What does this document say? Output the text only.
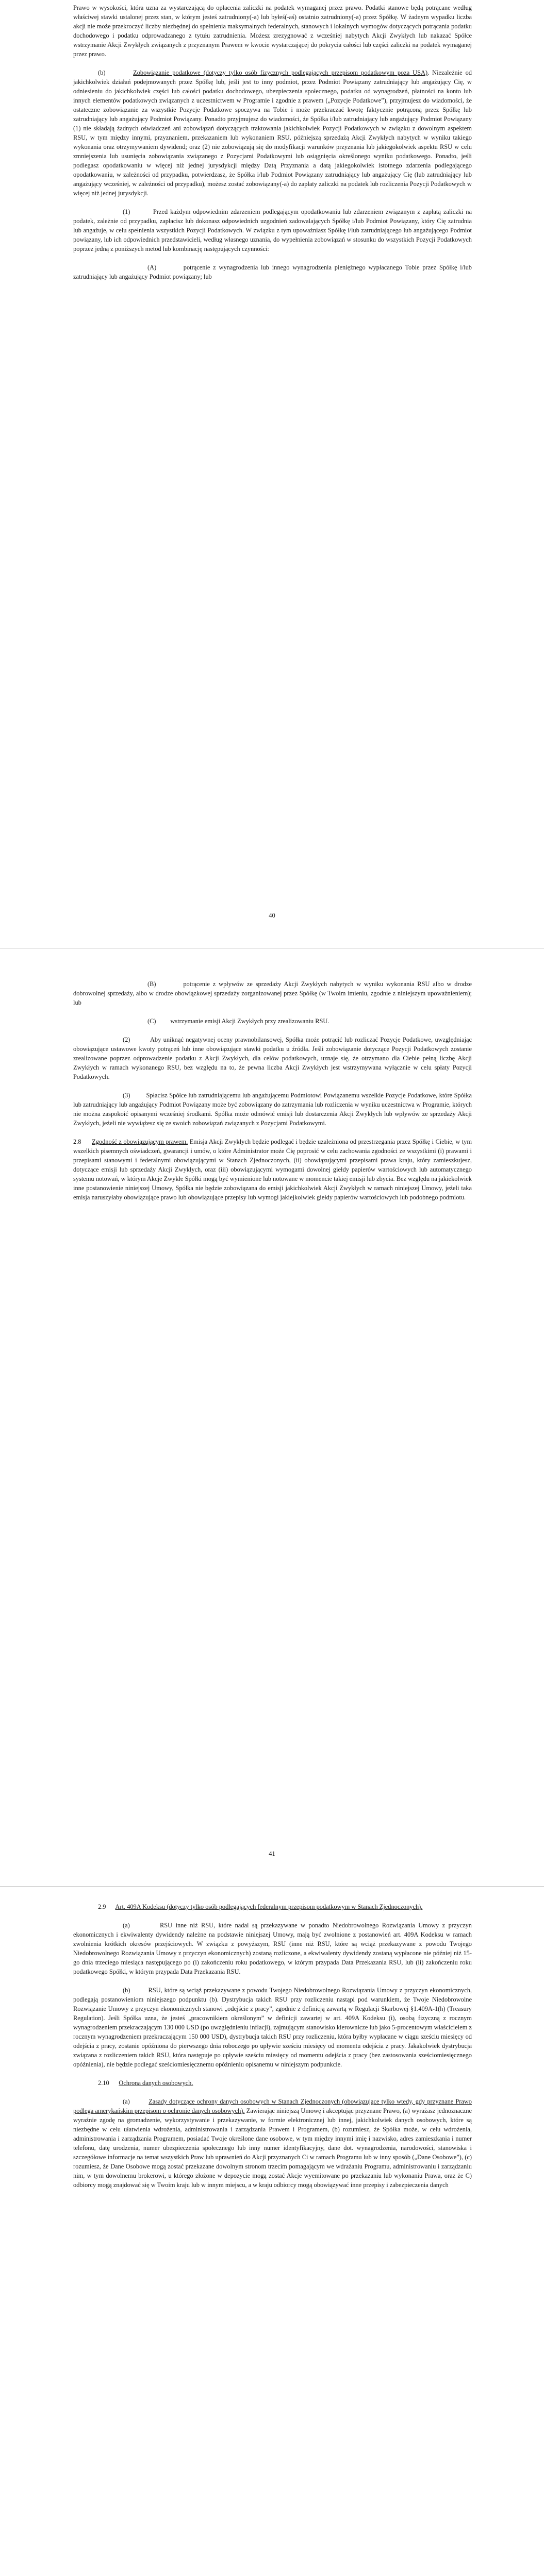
Prawo w wysokości, która uzna za wystarczającą do opłacenia zaliczki na podatek wymaganej przez prawo. Podatki stanowe będą potrącane według właściwej stawki ustalonej przez stan, w którym jesteś zatrudniony(-a) lub byłeś(-aś) ostatnio zatrudniony(-a) przez Spółkę. W żadnym wypadku liczba akcji nie może przekroczyć liczby niezbędnej do spełnienia maksymalnych federalnych, stanowych i lokalnych wymogów dotyczących potrącania podatku dochodowego i podatku odprowadzanego z tytułu zatrudnienia. Możesz zrezygnować z wcześniej nabytych Akcji Zwykłych lub nakazać Spółce wstrzymanie Akcji Zwykłych związanych z przyznanym Prawem w kwocie wystarczającej do pokrycia całości lub części zaliczki na podatek wymaganej przez prawo.

(b)	Zobowiązanie podatkowe (dotyczy tylko osób fizycznych podlegających przepisom podatkowym poza USA). Niezależnie od jakichkolwiek działań podejmowanych przez Spółkę lub, jeśli jest to inny podmiot, przez Podmiot Powiązany zatrudniający lub angażujący Cię, w odniesieniu do jakichkolwiek części lub całości podatku dochodowego, ubezpieczenia społecznego, podatku od wynagrodzeń, płatności na konto lub innych elementów podatkowych związanych z uczestnictwem w Programie i zgodnie z prawem („Pozycje Podatkowe”), przyjmujesz do wiadomości, że ostateczne zobowiązanie za wszystkie Pozycje Podatkowe spoczywa na Tobie i może przekraczać kwotę faktycznie potrąconą przez Spółkę lub zatrudniający lub angażujący Podmiot Powiązany. Ponadto przyjmujesz do wiadomości, że Spółka i/lub zatrudniający lub angażujący Podmiot Powiązany (1) nie składają żadnych oświadczeń ani zobowiązań dotyczących traktowania jakichkolwiek Pozycji Podatkowych w związku z dowolnym aspektem RSU, w tym między innymi, przyznaniem, przekazaniem lub wykonaniem RSU, późniejszą sprzedażą Akcji Zwykłych nabytych w wyniku takiego wykonania oraz otrzymywaniem dywidend; oraz (2) nie zobowiązują się do modyfikacji warunków przyznania lub jakiegokolwiek aspektu RSU w celu zmniejszenia lub usunięcia zobowiązania związanego z Pozycjami Podatkowymi lub osiągnięcia określonego wyniku podatkowego. Ponadto, jeśli podlegasz opodatkowaniu w więcej niż jednej jurysdykcji między Datą Przyznania a datą jakiegokolwiek istotnego zdarzenia podlegającego opodatkowaniu, w zależności od przypadku, potwierdzasz, że Spółka i/lub Podmiot Powiązany zatrudniający lub angażujący Cię (lub zatrudniający lub angażujący wcześniej, w zależności od przypadku), możesz zostać zobowiązany(-a) do zapłaty zaliczki na podatek lub rozliczenia Pozycji Podatkowych w więcej niż jednej jurysdykcji.

(1)	Przed każdym odpowiednim zdarzeniem podlegającym opodatkowaniu lub zdarzeniem związanym z zapłatą zaliczki na podatek, zależnie od przypadku, zapłacisz lub dokonasz odpowiednich uzgodnień zadowalających Spółkę i/lub Podmiot Powiązany, który Cię zatrudnia lub angażuje, w celu spełnienia wszystkich Pozycji Podatkowych. W związku z tym upoważniasz Spółkę i/lub zatrudniającego lub angażującego Podmiot powiązany, lub ich odpowiednich przedstawicieli, według własnego uznania, do wypełnienia zobowiązań w stosunku do wszystkich Pozycji Podatkowych poprzez jedną z poniższych metod lub kombinację następujących czynności:

(A)	potrącenie z wynagrodzenia lub innego wynagrodzenia pieniężnego wypłacanego Tobie przez Spółkę i/lub zatrudniający lub angażujący Podmiot powiązany; lub

40

(B)	potrącenie z wpływów ze sprzedaży Akcji Zwykłych nabytych w wyniku wykonania RSU albo w drodze dobrowolnej sprzedaży, albo w drodze obowiązkowej sprzedaży zorganizowanej przez Spółkę (w Twoim imieniu, zgodnie z niniejszym upoważnieniem); lub

(C) wstrzymanie emisji Akcji Zwykłych przy zrealizowaniu RSU.

(2)	Aby uniknąć negatywnej oceny prawnobilansowej, Spółka może potrącić lub rozliczać Pozycje Podatkowe, uwzględniając obowiązujące ustawowe kwoty potrąceń lub inne obowiązujące stawki podatku u źródła. Jeśli zobowiązanie dotyczące Pozycji Podatkowych zostanie zrealizowane poprzez odprowadzenie podatku z Akcji Zwykłych, dla celów podatkowych, uznaje się, że otrzymano dla Ciebie pełną liczbę Akcji Zwykłych w ramach wykonanego RSU, bez względu na to, że pewna liczba Akcji Zwykłych jest wstrzymywana wyłącznie w celu spłaty Pozycji Podatkowych.

(3)	Spłacisz Spółce lub zatrudniającemu lub angażującemu Podmiotowi Powiązanemu wszelkie Pozycje Podatkowe, które Spółka lub zatrudniający lub angażujący Podmiot Powiązany może być zobowiązany do zatrzymania lub rozliczenia w wyniku uczestnictwa w Programie, których nie można zaspokoić opisanymi wcześniej środkami. Spółka może odmówić emisji lub dostarczenia Akcji Zwykłych lub wpływów ze sprzedaży Akcji Zwykłych, jeżeli nie wywiążesz się ze swoich zobowiązań związanych z Pozycjami Podatkowymi.

2.8 Zgodność z obowiązującym prawem. Emisja Akcji Zwykłych będzie podlegać i będzie uzależniona od przestrzegania przez Spółkę i Ciebie, w tym wszelkich pisemnych oświadczeń, gwarancji i umów, o które Administrator może Cię poprosić w celu zachowania zgodności ze wszystkimi (i) prawami i przepisami stanowymi i federalnymi obowiązującymi w Stanach Zjednoczonych, (ii) obowiązującymi przepisami prawa kraju, który zamieszkujesz, dotyczące emisji lub sprzedaży Akcji Zwykłych, oraz (iii) obowiązującymi wymogami dowolnej giełdy papierów wartościowych lub automatycznego systemu notowań, w którym Akcje Zwykłe Spółki mogą być wymienione lub notowane w momencie takiej emisji lub zbycia. Bez względu na jakiekolwiek inne postanowienie niniejszej Umowy, Spółka nie będzie zobowiązana do emisji jakichkolwiek Akcji Zwykłych w ramach niniejszej Umowy, jeżeli taka emisja naruszyłaby obowiązujące prawo lub obowiązujące przepisy lub wymogi jakiejkolwiek giełdy papierów wartościowych lub podobnego podmiotu.

41

2.9 Art. 409A Kodeksu (dotyczy tylko osób podlegających federalnym przepisom podatkowym w Stanach Zjednoczonych).

(a)	RSU inne niż RSU, które nadal są przekazywane w ponadto Niedobrowolnego Rozwiązania Umowy z przyczyn ekonomicznych i ekwiwalenty dywidendy należne na podstawie niniejszej Umowy, mają być zwolnione z postanowień art. 409A Kodeksu w ramach zwolnienia krótkich okresów przejściowych. W związku z powyższym, RSU (inne niż RSU, które są wciąż przekazywane z powodu Twojego Niedobrowolnego Rozwiązania Umowy z przyczyn ekonomicznych) zostaną rozliczone, a ekwiwalenty dywidendy zostaną wypłacone nie później niż 15-go dnia trzeciego miesiąca następującego po (i) zakończeniu roku podatkowego, w którym przypada Data Przekazania RSU, lub (ii) zakończeniu roku podatkowego Spółki, w którym przypada Data Przekazania RSU.

(b)	RSU, które są wciąż przekazywane z powodu Twojego Niedobrowolnego Rozwiązania Umowy z przyczyn ekonomicznych, podlegają postanowieniom niniejszego podpunktu (b). Dystrybucja takich RSU przy rozliczeniu nastąpi pod warunkiem, że Twoje Niedobrowolne Rozwiązanie Umowy z przyczyn ekonomicznych stanowi „odejście z pracy”, zgodnie z definicją zawartą w Regulacji Skarbowej §1.409A-1(h) (Treasury Regulation). Jeśli Spółka uzna, że jesteś „pracownikiem określonym” w definicji zawartej w art. 409A Kodeksu (i), osobą fizyczną z rocznym wynagrodzeniem przekraczającym 130 000 USD (po uwzględnieniu inflacji), zajmującym stanowisko kierownicze lub jako 5-procentowym właścicielem z rocznym wynagrodzeniem przekraczającym 150 000 USD), dystrybucja takich RSU przy rozliczeniu, która byłby wypłacane w ciągu sześciu miesięcy od odejścia z pracy, zostanie opóźniona do pierwszego dnia roboczego po upływie sześciu miesięcy od momentu odejścia z pracy. Jakakolwiek dystrybucja związana z rozliczeniem takich RSU, która następuje po upływie sześciu miesięcy od momentu odejścia z pracy (bez zastosowania sześciomiesięcznego opóźnienia), nie będzie podlegać sześciomiesięcznemu opóźnieniu opisanemu w niniejszym podpunkcie.

2.10 Ochrona danych osobowych.

(a)	Zasady dotyczące ochrony danych osobowych w Stanach Zjednoczonych (obowiązujące tylko wtedy, gdy przyznane Prawo podlega amerykańskim przepisom o ochronie danych osobowych). Zawierając niniejszą Umowę i akceptując przyznane Prawo, (a) wyrażasz jednoznaczne wyraźnie zgodę na gromadzenie, wykorzystywanie i przekazywanie, w formie elektronicznej lub innej, jakichkolwiek danych osobowych, które są niezbędne w celu ułatwienia wdrożenia, administrowania i zarządzania Prawem i Programem, (b) rozumiesz, że Spółka może, w celu wdrożenia, administrowania i zarządzania Programem, posiadać Twoje określone dane osobowe, w tym między innymi imię i nazwisko, adres zamieszkania i numer telefonu, datę urodzenia, numer ubezpieczenia społecznego lub inny numer identyfikacyjny, dane dot. wynagrodzenia, narodowości, stanowiska i szczegółowe informacje na temat wszystkich Praw lub uprawnień do Akcji przyznanych Ci w ramach Programu lub w inny sposób („Dane Osobowe”), (c) rozumiesz, że Dane Osobowe mogą zostać przekazane dowolnym stronom trzecim pomagającym we wdrażaniu Programu, administrowaniu i zarządzaniu nim, w tym dowolnemu brokerowi, u którego złożone w depozycie mogą zostać Akcje wyemitowane po przekazaniu lub wykonaniu Prawa, oraz że C) odbiorcy mogą znajdować się w Twoim kraju lub w innym miejscu, a w kraju odbiorcy mogą obowiązywać inne przepisy i zabezpieczenia danych
